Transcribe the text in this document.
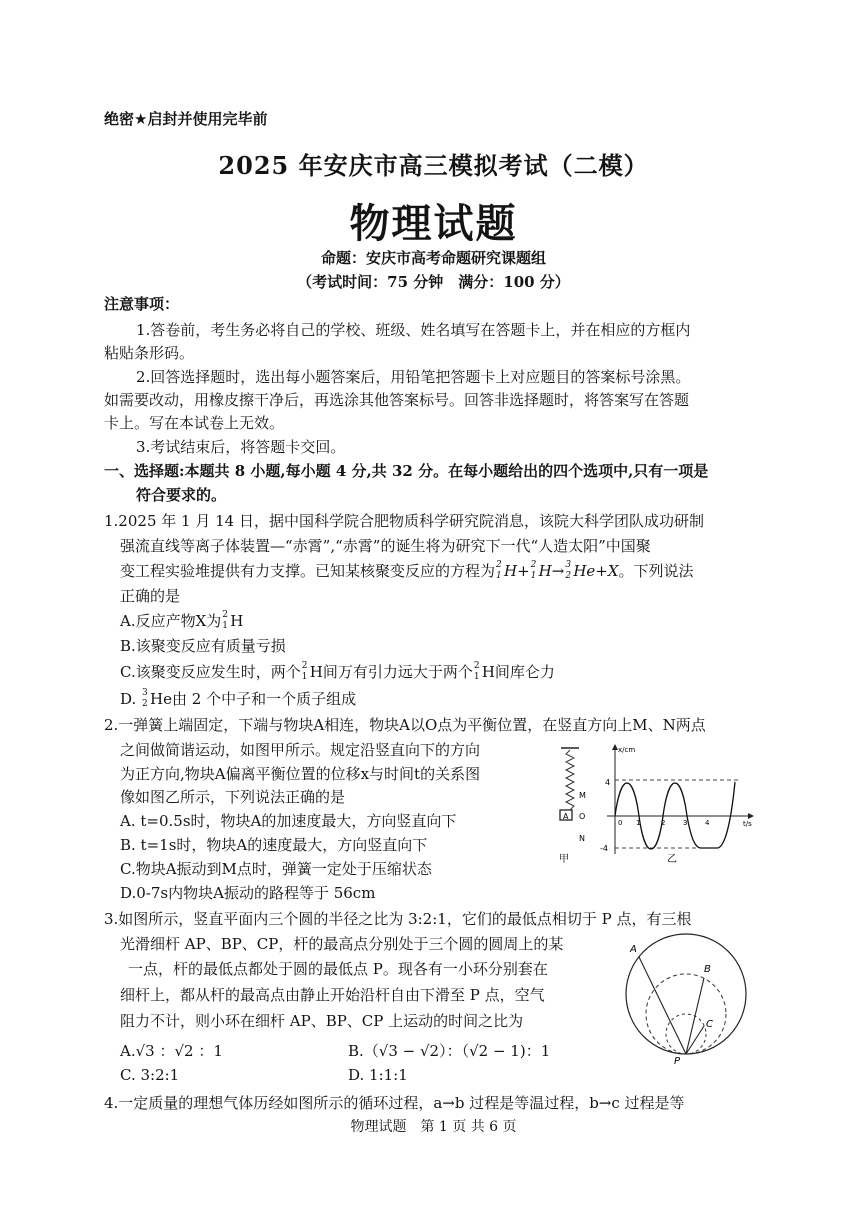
绝密★启封并使用完毕前
2025 年安庆市高三模拟考试（二模）
物理试题
命题：安庆市高考命题研究课题组
（考试时间：75 分钟　满分：100 分）
注意事项：
1.答卷前，考生务必将自己的学校、班级、姓名填写在答题卡上，并在相应的方框内
粘贴条形码。
2.回答选择题时，选出每小题答案后，用铅笔把答题卡上对应题目的答案标号涂黑。
如需要改动，用橡皮擦干净后，再选涂其他答案标号。回答非选择题时，将答案写在答题
卡上。写在本试卷上无效。
3.考试结束后，将答题卡交回。
一、选择题:本题共 8 小题,每小题 4 分,共 32 分。在每小题给出的四个选项中,只有一项是
符合要求的。
1.2025 年 1 月 14 日，据中国科学院合肥物质科学研究院消息，该院大科学团队成功研制
强流直线等离子体装置—“赤霄”,“赤霄”的诞生将为研究下一代“人造太阳”中国聚
变工程实验堆提供有力支撑。已知某核聚变反应的方程为 2
1 H+ 2
1 H→ 3
2 He+X。下列说法
正确的是
A.反应产物X为 2
1 H
B.该聚变反应有质量亏损
C.该聚变反应发生时，两个 2
1 H间万有引力远大于两个 2
1 H间库仑力
D. 3
2 He由 2 个中子和一个质子组成
2.一弹簧上端固定，下端与物块A相连，物块A以O点为平衡位置，在竖直方向上M、N两点
之间做简谐运动，如图甲所示。规定沿竖直向下的方向
为正方向,物块A偏离平衡位置的位移x与时间t的关系图
像如图乙所示，下列说法正确的是
A. t=0.5s时，物块A的加速度最大，方向竖直向下
B. t=1s时，物块A的速度最大，方向竖直向下
C.物块A振动到M点时，弹簧一定处于压缩状态
D.0-7s内物块A振动的路程等于 56cm
A
M
O
N
甲
x/cm
t/s
4
-4
0 1	2	3	4
乙
3.如图所示，竖直平面内三个圆的半径之比为 3:2:1，它们的最低点相切于 P 点，有三根
光滑细杆 AP、BP、CP，杆的最高点分别处于三个圆的圆周上的某
一点，杆的最低点都处于圆的最低点 P。现各有一小环分别套在
细杆上，都从杆的最高点由静止开始沿杆自由下滑至 P 点，空气
阻力不计，则小环在细杆 AP、BP、CP 上运动的时间之比为
A.√3 ：√2 ：1	B.（√3 − √2）：（√2 − 1)：1
C. 3:2:1	D. 1:1:1
A
B
C
P
4.一定质量的理想气体历经如图所示的循环过程，a→b 过程是等温过程，b→c 过程是等
物理试题　第 1 页 共 6 页
